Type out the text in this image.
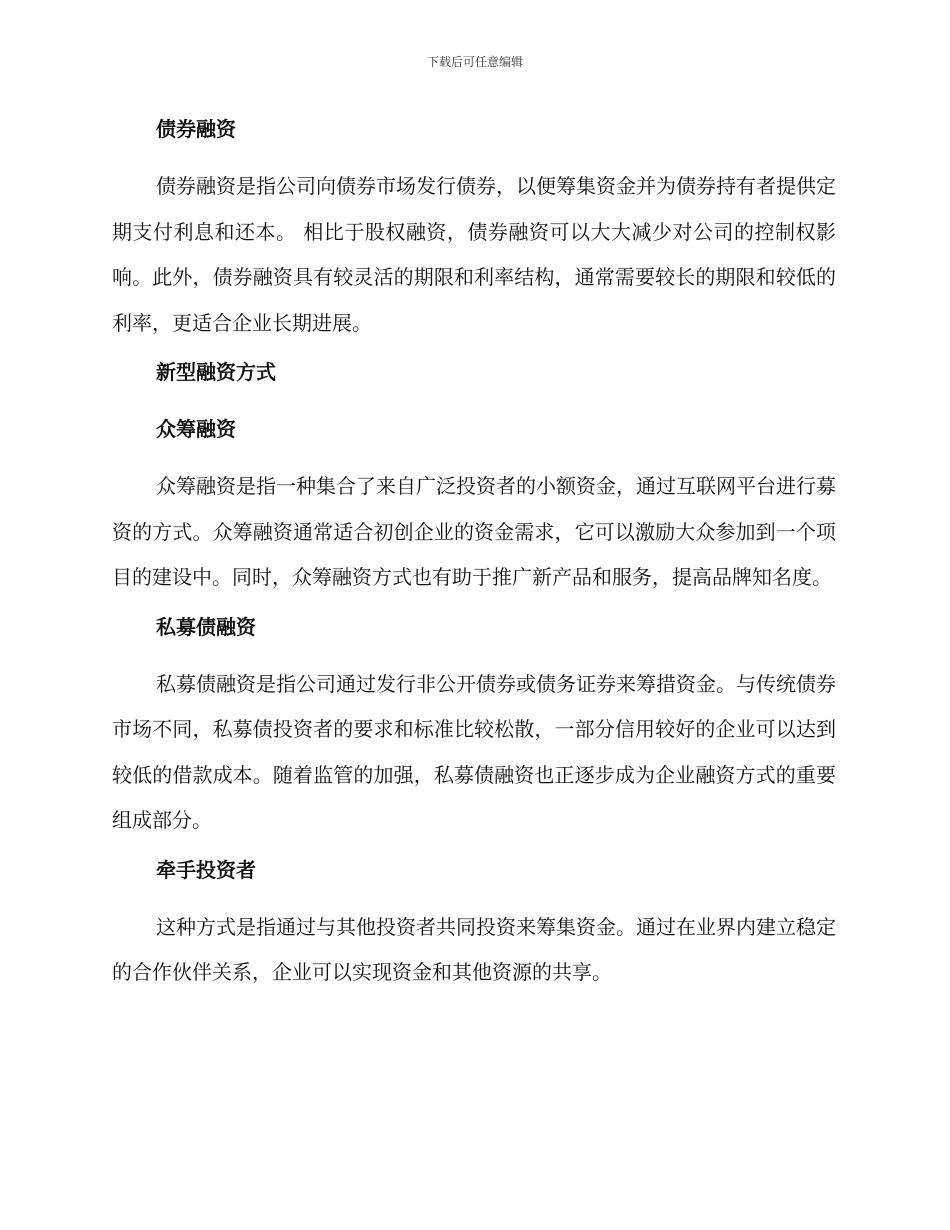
下载后可任意编辑
债券融资

债券融资是指公司向债券市场发行债券，以便筹集资金并为债券持有者提供定期支付利息和还本。 相比于股权融资，债券融资可以大大减少对公司的控制权影响。此外，债券融资具有较灵活的期限和利率结构，通常需要较长的期限和较低的利率，更适合企业长期进展。

新型融资方式
众筹融资

众筹融资是指一种集合了来自广泛投资者的小额资金，通过互联网平台进行募资的方式。众筹融资通常适合初创企业的资金需求，它可以激励大众参加到一个项目的建设中。同时，众筹融资方式也有助于推广新产品和服务，提高品牌知名度。

私募债融资

私募债融资是指公司通过发行非公开债券或债务证券来筹措资金。与传统债券市场不同，私募债投资者的要求和标准比较松散，一部分信用较好的企业可以达到较低的借款成本。随着监管的加强，私募债融资也正逐步成为企业融资方式的重要组成部分。

牵手投资者

这种方式是指通过与其他投资者共同投资来筹集资金。通过在业界内建立稳定的合作伙伴关系，企业可以实现资金和其他资源的共享。
